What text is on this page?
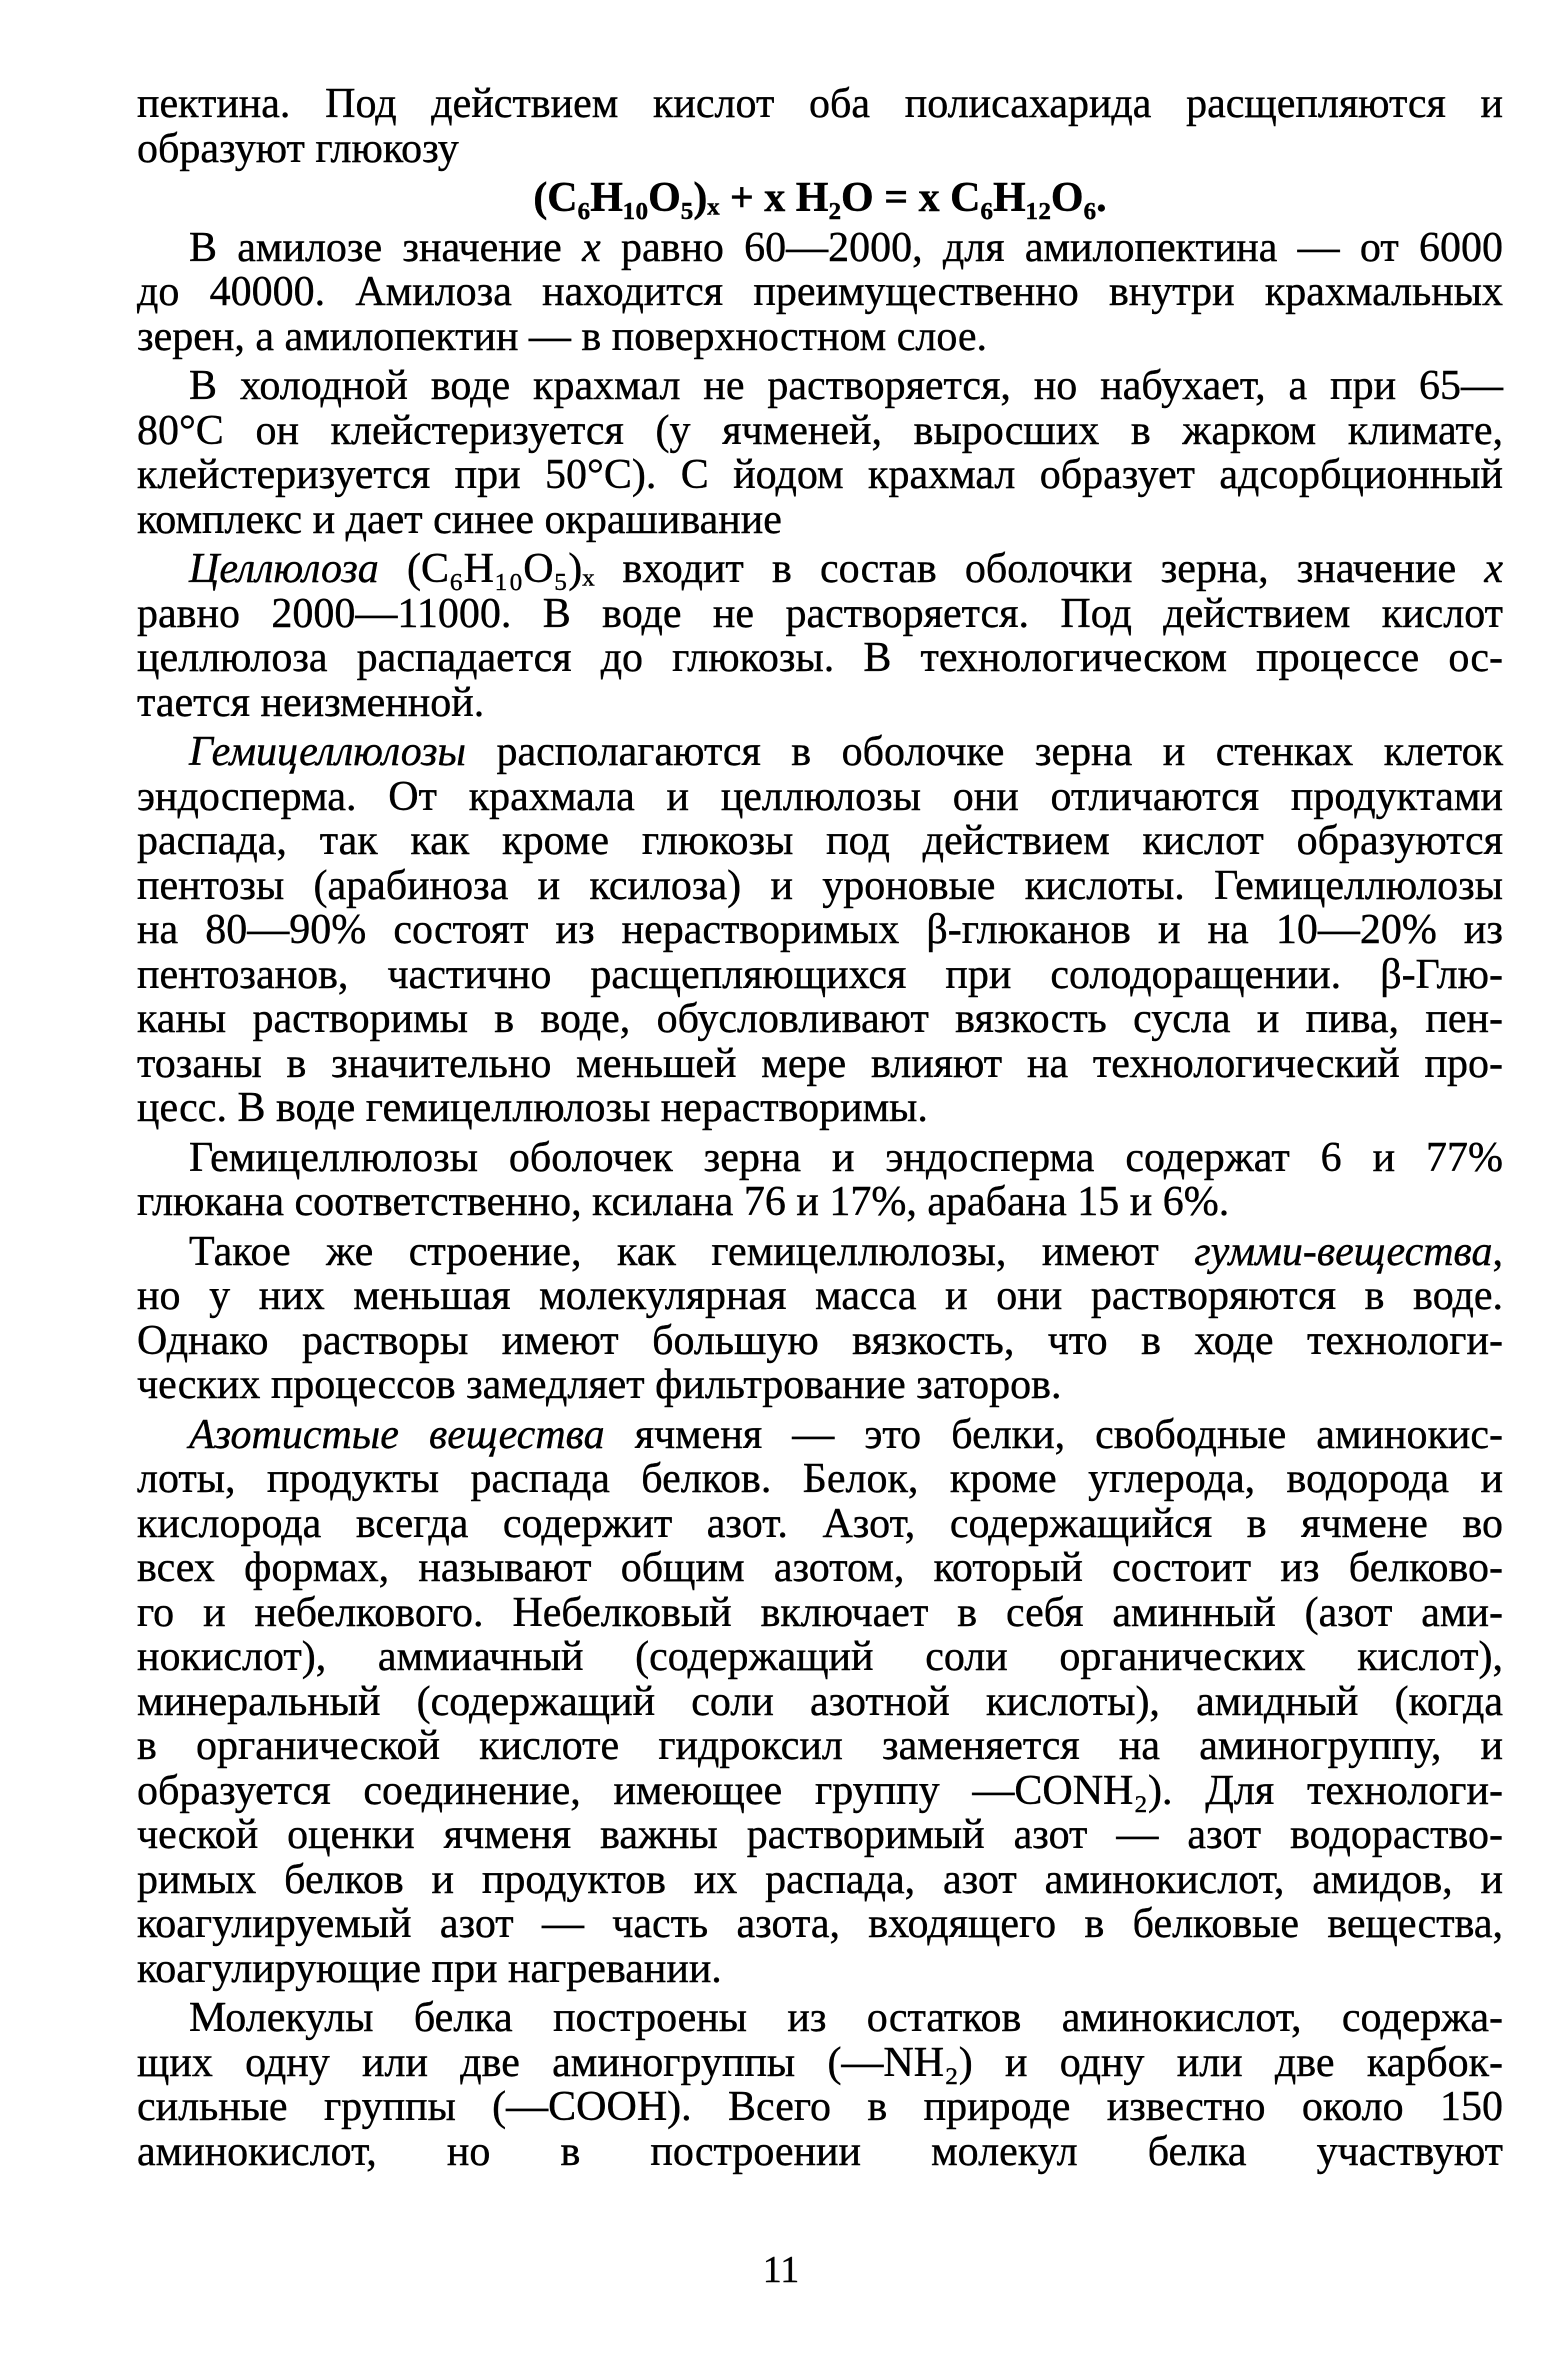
пектина. Под действием кислот оба полисахарида расщепляются и
образуют глюкозу
(C₆H₁₀O₅)ₓ + x H₂O = x C₆H₁₂O₆.
В амилозе значение x равно 60—2000, для амилопектина — от 6000
до 40000. Амилоза находится преимущественно внутри крахмальных
зерен, а амилопектин — в поверхностном слое.
В холодной воде крахмал не растворяется, но набухает, а при 65—
80°С он клейстеризуется (у ячменей, выросших в жарком климате,
клейстеризуется при 50°С). С йодом крахмал образует адсорбционный
комплекс и дает синее окрашивание
Целлюлоза (C₆H₁₀O₅)ₓ входит в состав оболочки зерна, значение x
равно 2000—11000. В воде не растворяется. Под действием кислот
целлюлоза распадается до глюкозы. В технологическом процессе ос-
тается неизменной.
Гемицеллюлозы располагаются в оболочке зерна и стенках клеток
эндосперма. От крахмала и целлюлозы они отличаются продуктами
распада, так как кроме глюкозы под действием кислот образуются
пентозы (арабиноза и ксилоза) и уроновые кислоты. Гемицеллюлозы
на 80—90% состоят из нерастворимых β-глюканов и на 10—20% из
пентозанов, частично расщепляющихся при солодоращении. β-Глю-
каны растворимы в воде, обусловливают вязкость сусла и пива, пен-
тозаны в значительно меньшей мере влияют на технологический про-
цесс. В воде гемицеллюлозы нерастворимы.
Гемицеллюлозы оболочек зерна и эндосперма содержат 6 и 77%
глюкана соответственно, ксилана 76 и 17%, арабана 15 и 6%.
Такое же строение, как гемицеллюлозы, имеют гумми-вещества,
но у них меньшая молекулярная масса и они растворяются в воде.
Однако растворы имеют большую вязкость, что в ходе технологи-
ческих процессов замедляет фильтрование заторов.
Азотистые вещества ячменя — это белки, свободные аминокис-
лоты, продукты распада белков. Белок, кроме углерода, водорода и
кислорода всегда содержит азот. Азот, содержащийся в ячмене во
всех формах, называют общим азотом, который состоит из белково-
го и небелкового. Небелковый включает в себя аминный (азот ами-
нокислот), аммиачный (содержащий соли органических кислот),
минеральный (содержащий соли азотной кислоты), амидный (когда
в органической кислоте гидроксил заменяется на аминогруппу, и
образуется соединение, имеющее группу —CONH₂). Для технологи-
ческой оценки ячменя важны растворимый азот — азот водораство-
римых белков и продуктов их распада, азот аминокислот, амидов, и
коагулируемый азот — часть азота, входящего в белковые вещества,
коагулирующие при нагревании.
Молекулы белка построены из остатков аминокислот, содержа-
щих одну или две аминогруппы (—NH₂) и одну или две карбок-
сильные группы (—СООН). Всего в природе известно около 150
аминокислот, но в построении молекул белка участвуют
11
